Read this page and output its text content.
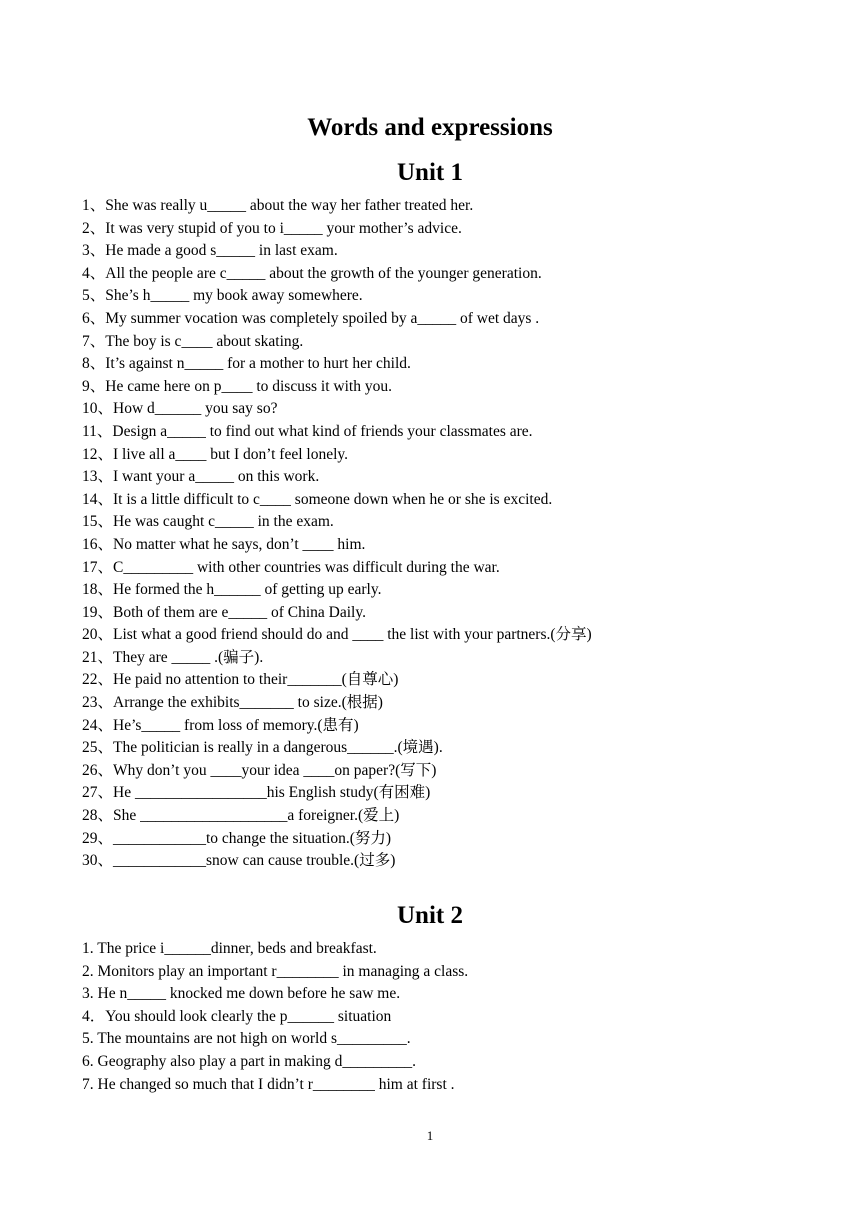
Words and expressions
Unit 1
1、She was really u_____ about the way her father treated her.
2、It was very stupid of you to i_____ your mother’s advice.
3、He made a good s_____ in last exam.
4、All the people are c_____ about the growth of the younger generation.
5、She’s h_____ my book away somewhere.
6、My summer vocation was completely spoiled by a_____ of wet days .
7、The boy is c____ about skating.
8、It’s against n_____ for a mother to hurt her child.
9、He came here on p____ to discuss it with you.
10、How d______ you say so?
11、Design a_____ to find out what kind of friends your classmates are.
12、I live all a____ but I don’t feel lonely.
13、I want your a_____ on this work.
14、It is a little difficult to c____ someone down when he or she is excited.
15、He was caught c_____ in the exam.
16、No matter what he says, don’t ____ him.
17、C_________ with other countries was difficult during the war.
18、He formed the h______ of getting up early.
19、Both of them are e_____ of China Daily.
20、List what a good friend should do and ____ the list with your partners.(分享)
21、They are _____ .(骗子).
22、He paid no attention to their_______(自尊心)
23、Arrange the exhibits_______ to size.(根据)
24、He’s_____ from loss of memory.(患有)
25、The politician is really in a dangerous______.(境遇).
26、Why don’t you ____your idea ____on paper?(写下)
27、He _________________his English study(有困难)
28、She ___________________a foreigner.(爱上)
29、____________to change the situation.(努力)
30、____________snow can cause trouble.(过多)
Unit 2
1. The price i______dinner, beds and breakfast.
2. Monitors play an important r________ in managing a class.
3. He n_____ knocked me down before he saw me.
4．You should look clearly the p______ situation
5. The mountains are not high on world s_________.
6. Geography also play a part in making d_________.
7. He changed so much that I didn’t r________ him at first .
1
